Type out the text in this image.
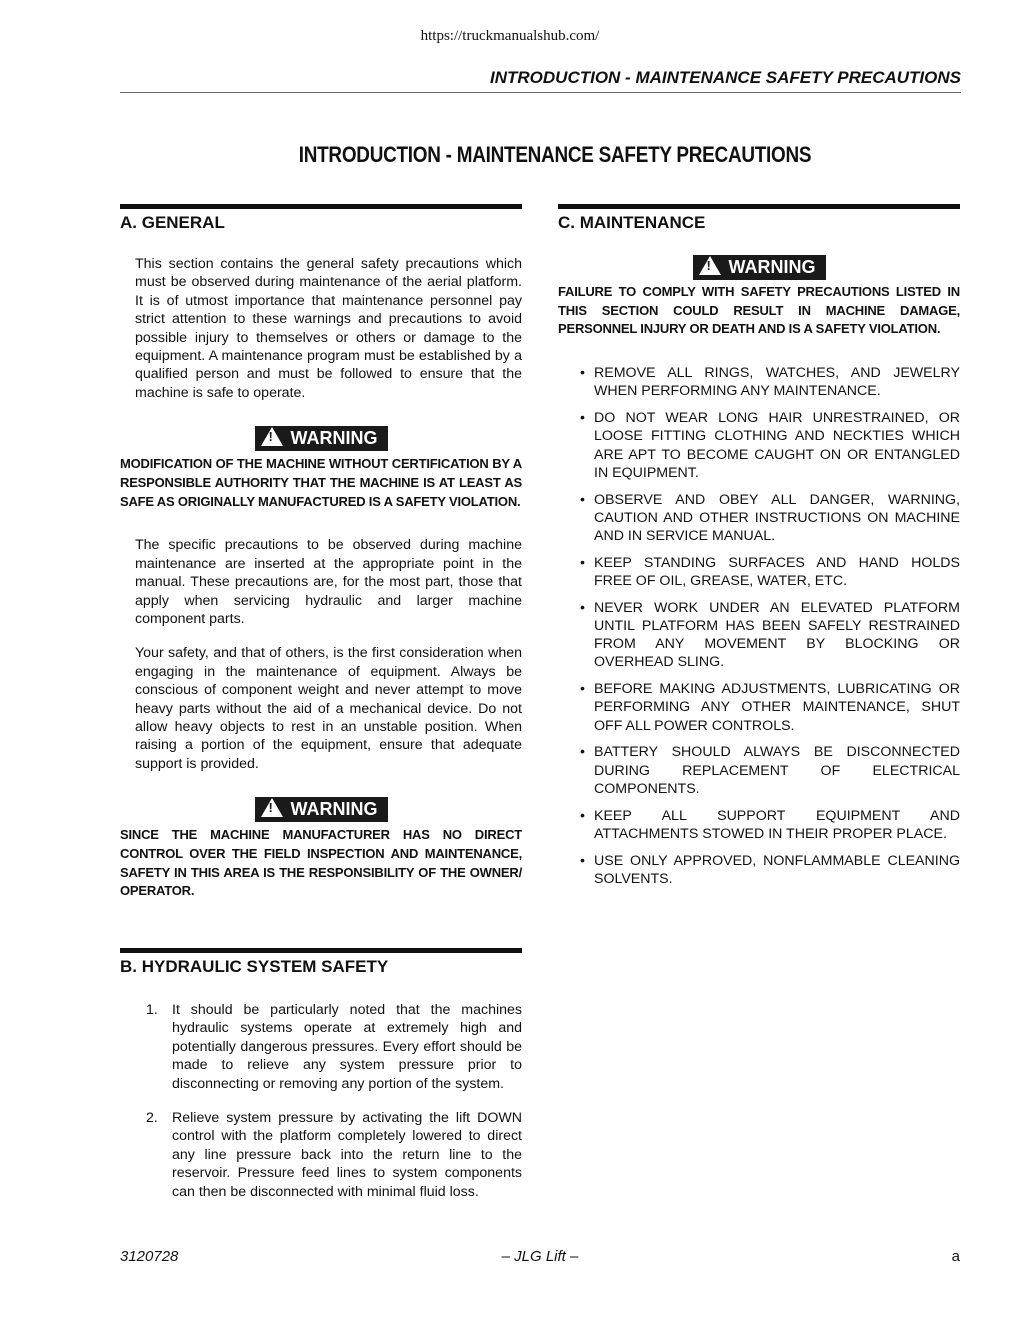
https://truckmanualshub.com/
INTRODUCTION - MAINTENANCE SAFETY PRECAUTIONS
INTRODUCTION - MAINTENANCE SAFETY PRECAUTIONS
A. GENERAL

This section contains the general safety precautions which must be observed during maintenance of the aerial platform. It is of utmost importance that maintenance personnel pay strict attention to these warnings and precautions to avoid possible injury to themselves or others or damage to the equipment. A maintenance program must be established by a qualified person and must be followed to ensure that the machine is safe to operate.

!WARNING
MODIFICATION OF THE MACHINE WITHOUT CERTIFICATION BY A RESPONSIBLE AUTHORITY THAT THE MACHINE IS AT LEAST AS SAFE AS ORIGINALLY MANUFACTURED IS A SAFETY VIOLATION.

The specific precautions to be observed during machine maintenance are inserted at the appropriate point in the manual. These precautions are, for the most part, those that apply when servicing hydraulic and larger machine component parts.

Your safety, and that of others, is the first consideration when engaging in the maintenance of equipment. Always be conscious of component weight and never attempt to move heavy parts without the aid of a mechanical device. Do not allow heavy objects to rest in an unstable position. When raising a portion of the equipment, ensure that adequate support is provided.

!WARNING
SINCE THE MACHINE MANUFACTURER HAS NO DIRECT CONTROL OVER THE FIELD INSPECTION AND MAINTENANCE, SAFETY IN THIS AREA IS THE RESPONSIBILITY OF THE OWNER/ OPERATOR.
B. HYDRAULIC SYSTEM SAFETY
1. It should be particularly noted that the machines hydraulic systems operate at extremely high and potentially dangerous pressures. Every effort should be made to relieve any system pressure prior to disconnecting or removing any portion of the system.
2. Relieve system pressure by activating the lift DOWN control with the platform completely lowered to direct any line pressure back into the return line to the reservoir. Pressure feed lines to system components can then be disconnected with minimal fluid loss.
C. MAINTENANCE
!WARNING
FAILURE TO COMPLY WITH SAFETY PRECAUTIONS LISTED IN THIS SECTION COULD RESULT IN MACHINE DAMAGE, PERSONNEL INJURY OR DEATH AND IS A SAFETY VIOLATION.
• REMOVE ALL RINGS, WATCHES, AND JEWELRY WHEN PERFORMING ANY MAINTENANCE.
• DO NOT WEAR LONG HAIR UNRESTRAINED, OR LOOSE FITTING CLOTHING AND NECKTIES WHICH ARE APT TO BECOME CAUGHT ON OR ENTANGLED IN EQUIPMENT.
• OBSERVE AND OBEY ALL DANGER, WARNING, CAUTION AND OTHER INSTRUCTIONS ON MACHINE AND IN SERVICE MANUAL.
• KEEP STANDING SURFACES AND HAND HOLDS FREE OF OIL, GREASE, WATER, ETC.
• NEVER WORK UNDER AN ELEVATED PLATFORM UNTIL PLATFORM HAS BEEN SAFELY RESTRAINED FROM ANY MOVEMENT BY BLOCKING OR OVERHEAD SLING.
• BEFORE MAKING ADJUSTMENTS, LUBRICATING OR PERFORMING ANY OTHER MAINTENANCE, SHUT OFF ALL POWER CONTROLS.
• BATTERY SHOULD ALWAYS BE DISCONNECTED DURING REPLACEMENT OF ELECTRICAL COMPONENTS.
• KEEP ALL SUPPORT EQUIPMENT AND ATTACHMENTS STOWED IN THEIR PROPER PLACE.
• USE ONLY APPROVED, NONFLAMMABLE CLEANING SOLVENTS.
3120728	– JLG Lift –	a
